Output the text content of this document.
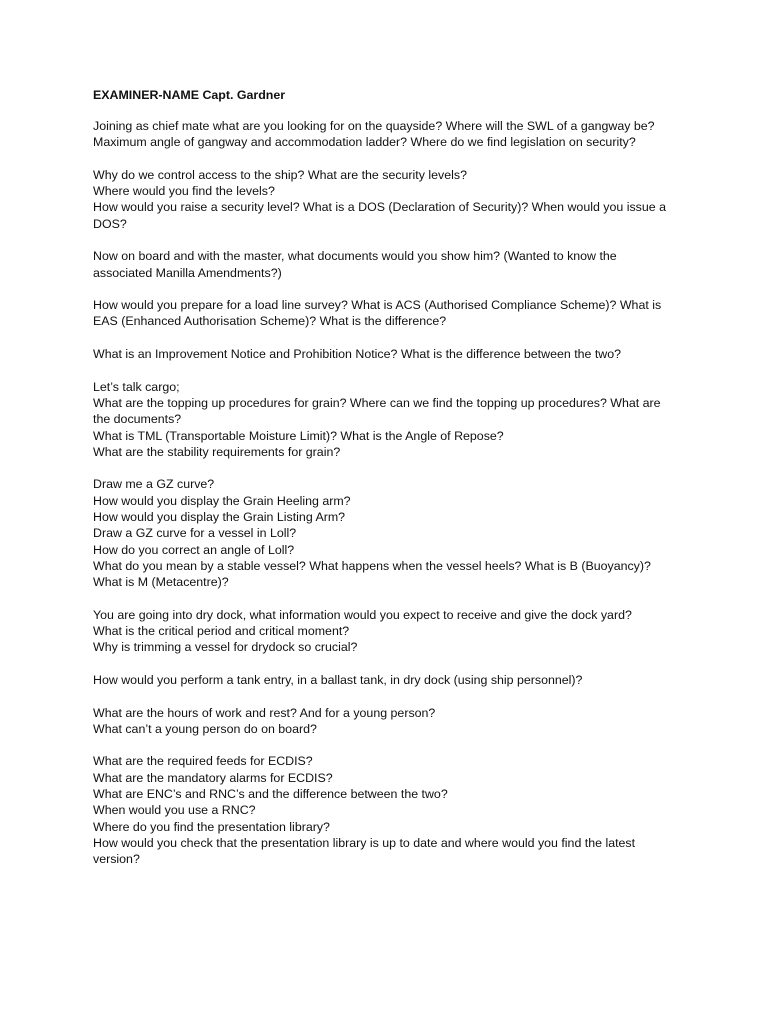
EXAMINER-NAME Capt. Gardner
Joining as chief mate what are you looking for on the quayside? Where will the SWL of a gangway be?
Maximum angle of gangway and accommodation ladder? Where do we find legislation on security?
Why do we control access to the ship? What are the security levels?
Where would you find the levels?
How would you raise a security level? What is a DOS (Declaration of Security)? When would you issue a DOS?
Now on board and with the master, what documents would you show him? (Wanted to know the associated Manilla Amendments?)
How would you prepare for a load line survey? What is ACS (Authorised Compliance Scheme)? What is EAS (Enhanced Authorisation Scheme)? What is the difference?
What is an Improvement Notice and Prohibition Notice? What is the difference between the two?
Let’s talk cargo;
What are the topping up procedures for grain? Where can we find the topping up procedures? What are the documents?
What is TML (Transportable Moisture Limit)? What is the Angle of Repose?
What are the stability requirements for grain?
Draw me a GZ curve?
How would you display the Grain Heeling arm?
How would you display the Grain Listing Arm?
Draw a GZ curve for a vessel in Loll?
How do you correct an angle of Loll?
What do you mean by a stable vessel? What happens when the vessel heels? What is B (Buoyancy)? What is M (Metacentre)?
You are going into dry dock, what information would you expect to receive and give the dock yard?
What is the critical period and critical moment?
Why is trimming a vessel for drydock so crucial?
How would you perform a tank entry, in a ballast tank, in dry dock (using ship personnel)?
What are the hours of work and rest? And for a young person?
What can’t a young person do on board?
What are the required feeds for ECDIS?
What are the mandatory alarms for ECDIS?
What are ENC’s and RNC’s and the difference between the two?
When would you use a RNC?
Where do you find the presentation library?
How would you check that the presentation library is up to date and where would you find the latest version?
